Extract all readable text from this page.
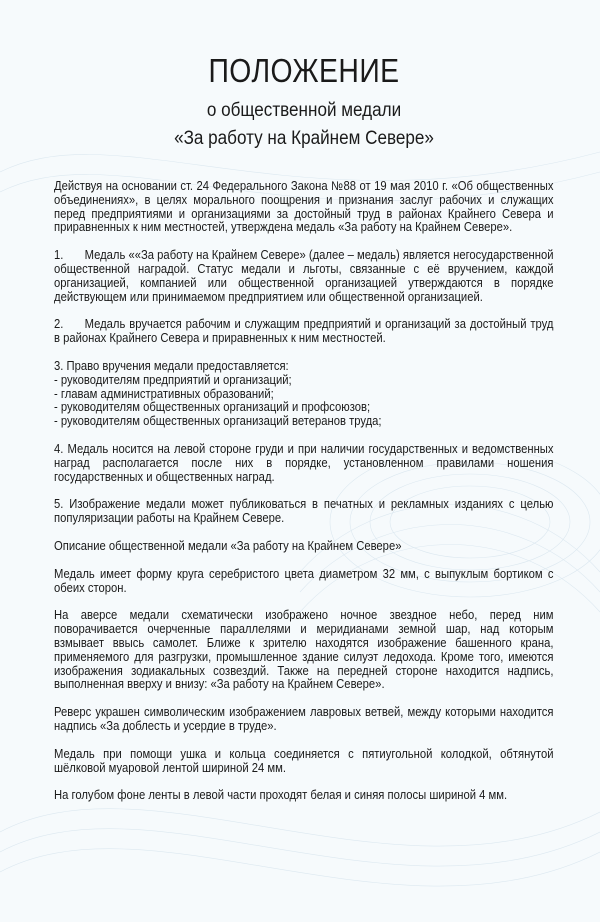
ПОЛОЖЕНИЕ
о общественной медали
«За работу на Крайнем Севере»

Действуя на основании ст. 24 Федерального Закона №88 от 19 мая 2010 г. «Об общественных объединениях», в целях морального поощрения и признания заслуг рабочих и служащих перед предприятиями и организациями за достойный труд в районах Крайнего Севера и приравненных к ним местностей, утверждена медаль «За работу на Крайнем Севере».

1. Медаль ««За работу на Крайнем Севере» (далее – медаль) является негосударственной общественной наградой. Статус медали и льготы, связанные с её вручением, каждой организацией, компанией или общественной организацией утверждаются в порядке действующем или принимаемом предприятием или общественной организацией.

2. Медаль вручается рабочим и служащим предприятий и организаций за достойный труд в районах Крайнего Севера и приравненных к ним местностей.

3. Право вручения медали предоставляется:
- руководителям предприятий и организаций;
- главам административных образований;
- руководителям общественных организаций и профсоюзов;
- руководителям общественных организаций ветеранов труда;

4. Медаль носится на левой стороне груди и при наличии государственных и ведомственных наград располагается после них в порядке, установленном правилами ношения государственных и общественных наград.

5. Изображение медали может публиковаться в печатных и рекламных изданиях с целью популяризации работы на Крайнем Севере.

Описание общественной медали «За работу на Крайнем Севере»

Медаль имеет форму круга серебристого цвета диаметром 32 мм, с выпуклым бортиком с обеих сторон.

На аверсе медали схематически изображено ночное звездное небо, перед ним поворачивается очерченные параллелями и меридианами земной шар, над которым взмывает ввысь самолет. Ближе к зрителю находятся изображение башенного крана, применяемого для разгрузки, промышленное здание силуэт ледохода. Кроме того, имеются изображения зодиакальных созвездий. Также на передней стороне находится надпись, выполненная вверху и внизу: «За работу на Крайнем Севере».

Реверс украшен символическим изображением лавровых ветвей, между которыми находится надпись «За доблесть и усердие в труде».

Медаль при помощи ушка и кольца соединяется с пятиугольной колодкой, обтянутой шёлковой муаровой лентой шириной 24 мм.

На голубом фоне ленты в левой части проходят белая и синяя полосы шириной 4 мм.
